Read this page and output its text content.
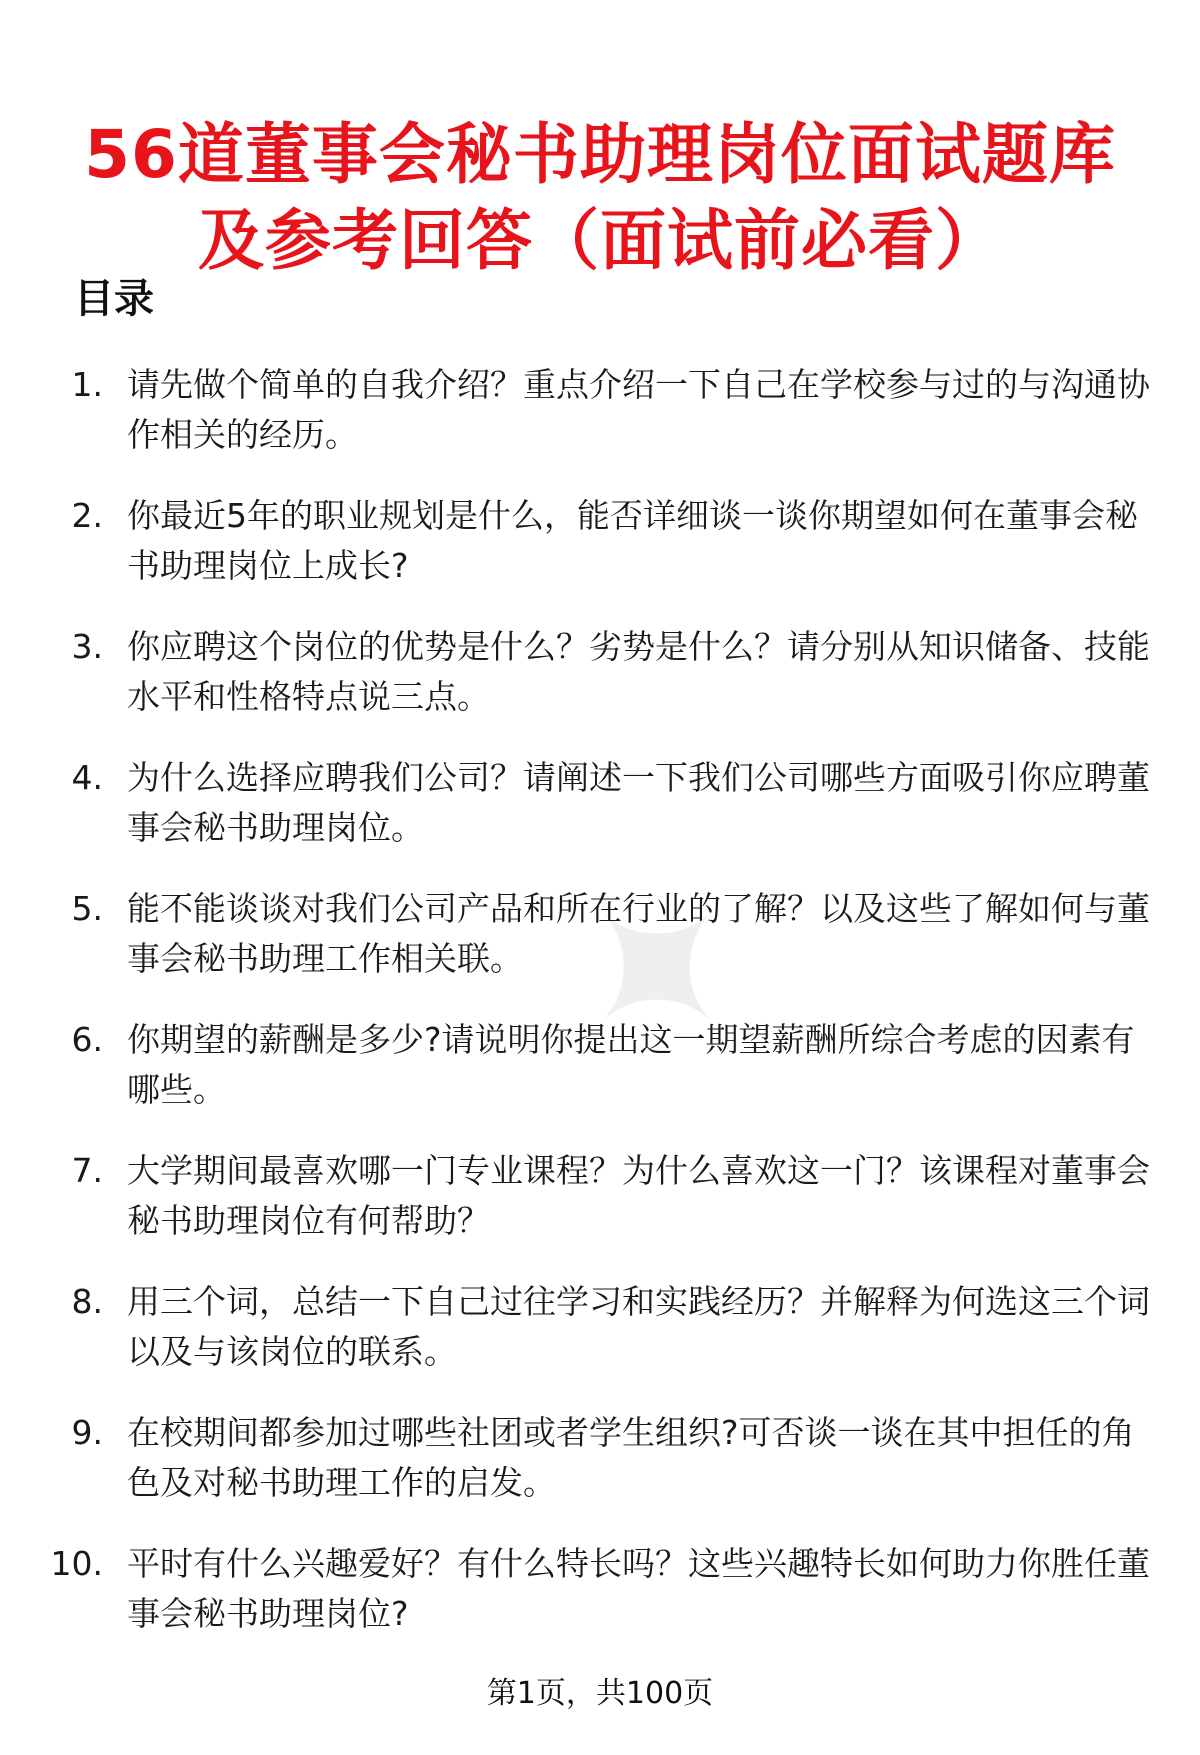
✦
56道董事会秘书助理岗位面试题库
及参考回答（面试前必看）
目录
1. 请先做个简单的自我介绍？重点介绍一下自己在学校参与过的与沟通协作相关的经历。
2. 你最近5年的职业规划是什么，能否详细谈一谈你期望如何在董事会秘书助理岗位上成长?
3. 你应聘这个岗位的优势是什么？劣势是什么？请分别从知识储备、技能水平和性格特点说三点。
4. 为什么选择应聘我们公司？请阐述一下我们公司哪些方面吸引你应聘董事会秘书助理岗位。
5. 能不能谈谈对我们公司产品和所在行业的了解？以及这些了解如何与董事会秘书助理工作相关联。
6. 你期望的薪酬是多少?请说明你提出这一期望薪酬所综合考虑的因素有哪些。
7. 大学期间最喜欢哪一门专业课程？为什么喜欢这一门？该课程对董事会秘书助理岗位有何帮助？
8. 用三个词，总结一下自己过往学习和实践经历？并解释为何选这三个词以及与该岗位的联系。
9. 在校期间都参加过哪些社团或者学生组织?可否谈一谈在其中担任的角色及对秘书助理工作的启发。
10. 平时有什么兴趣爱好？有什么特长吗？这些兴趣特长如何助力你胜任董事会秘书助理岗位?
第1页，共100页
